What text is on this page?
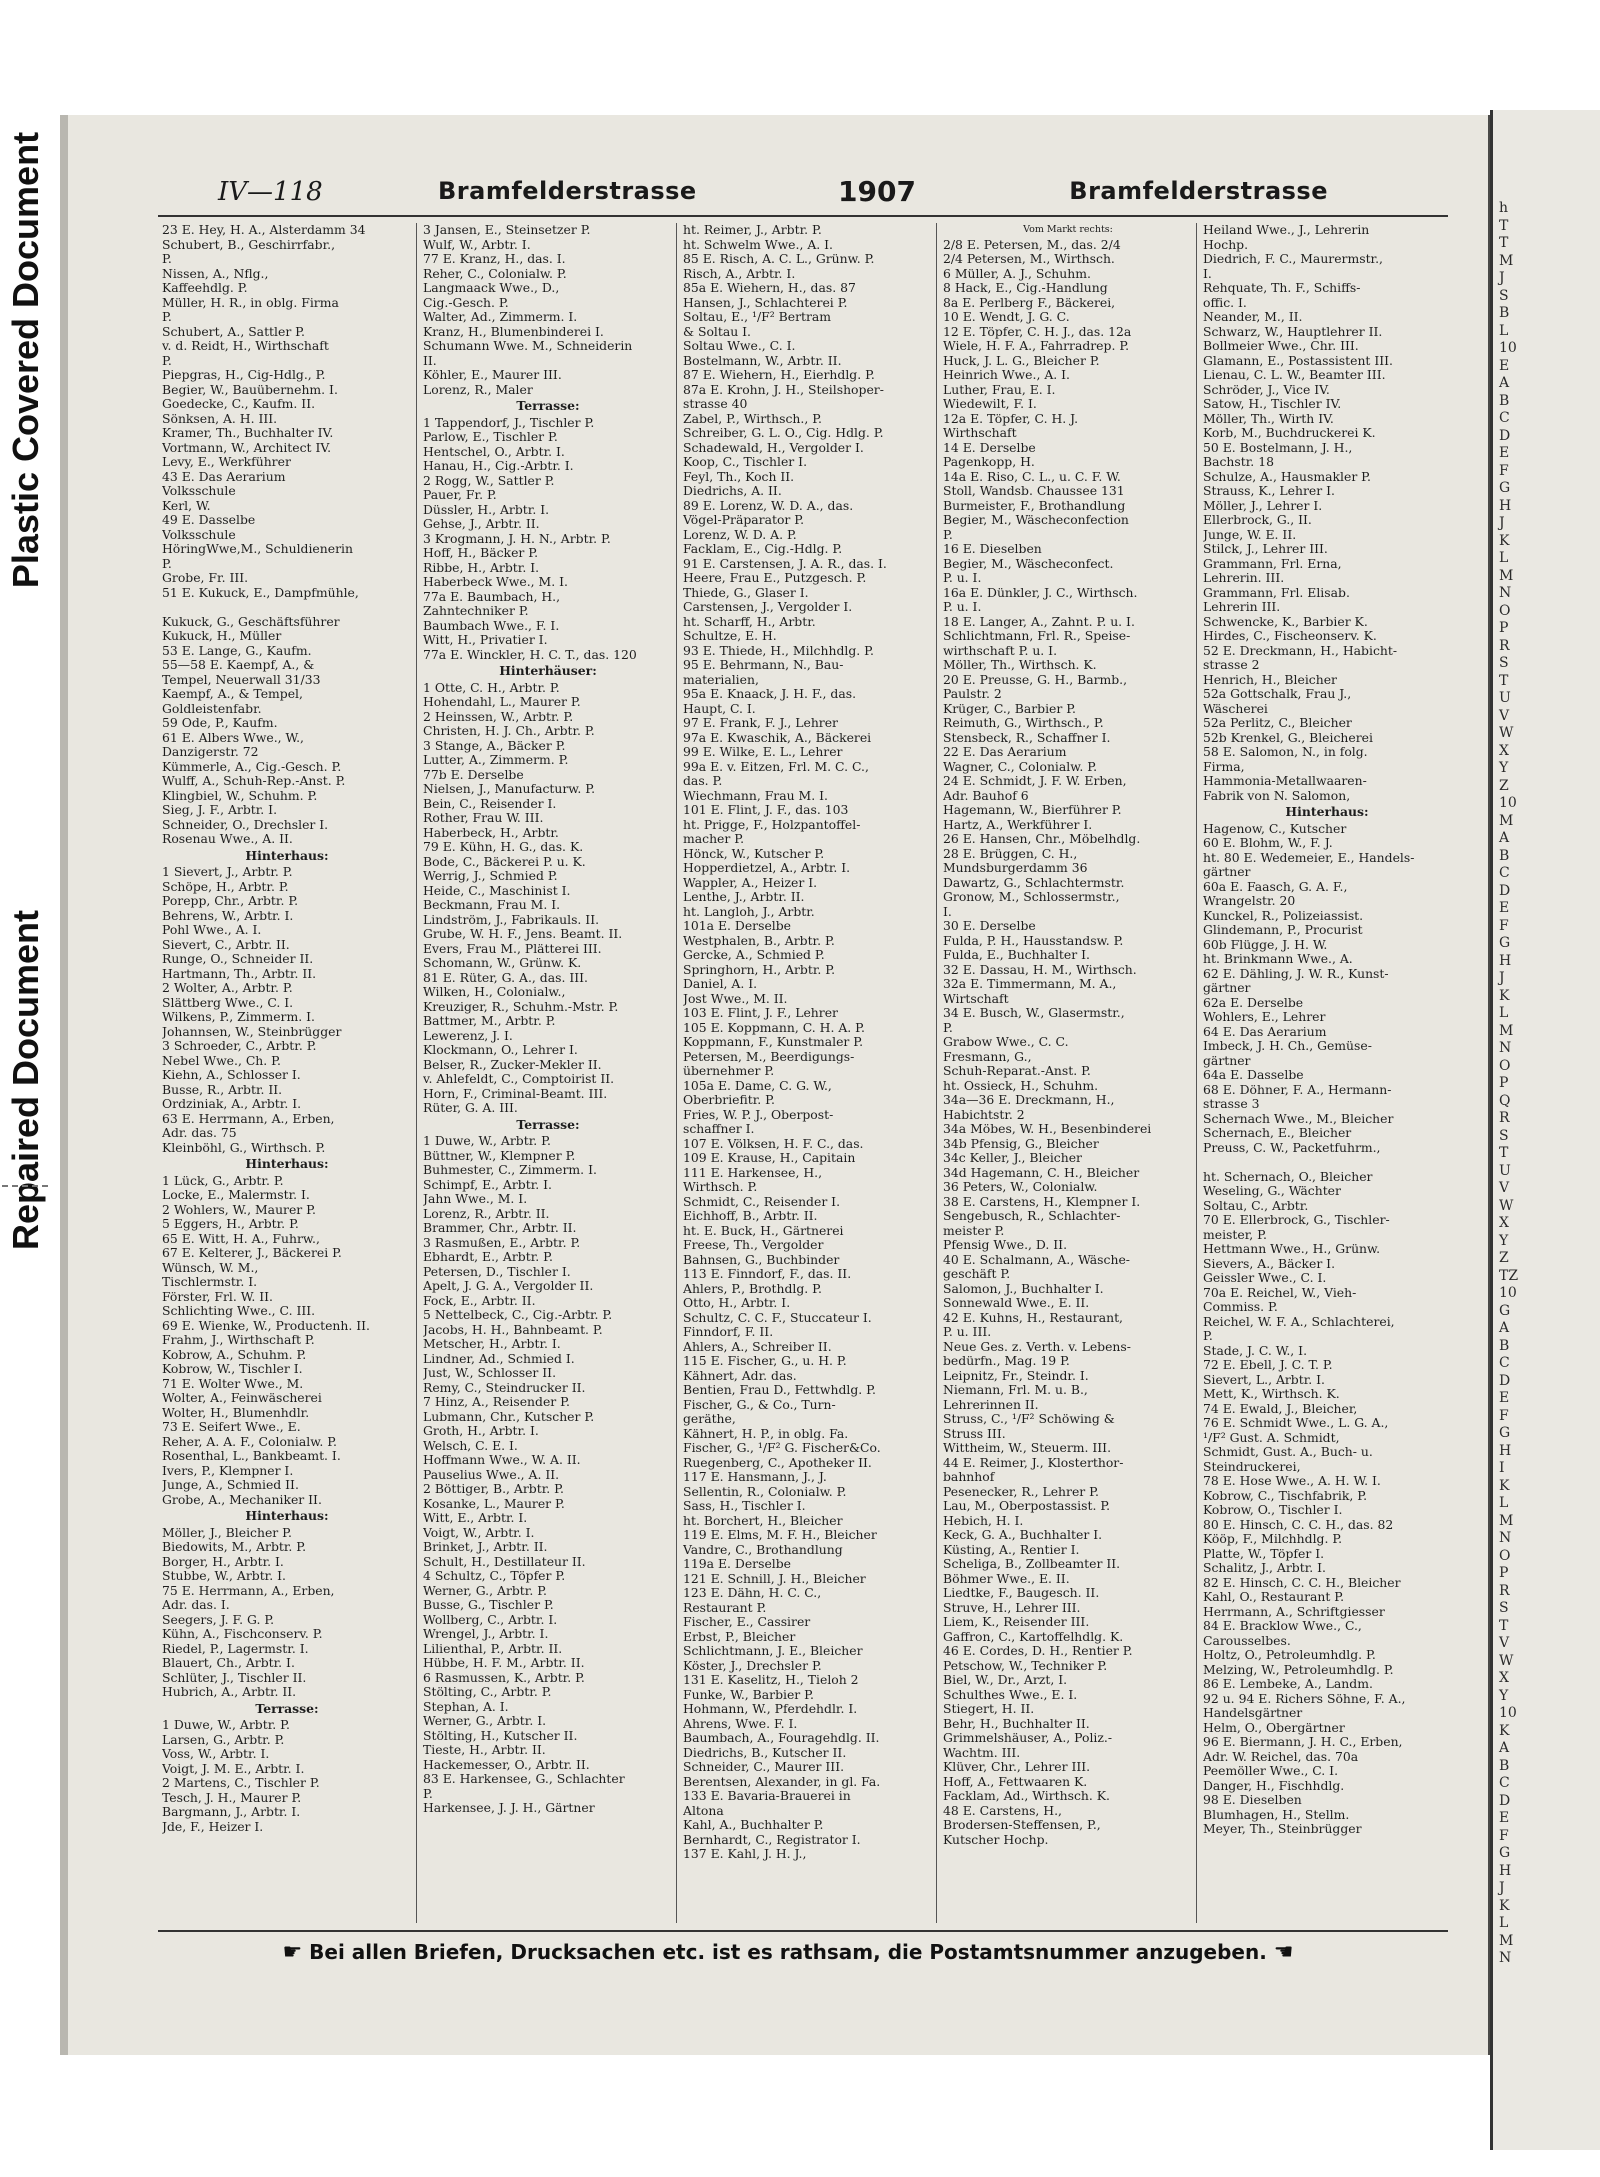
Repaired Document
Plastic Covered Document	IV—118	Bramfelderstrasse	1907	Bramfelderstrasse
23 E. Hey, H. A., Alsterdamm 34
Schubert, B., Geschirrfabr.,
P.
Nissen, A., Nflg.,
Kaffeehdlg. P.
Müller, H. R., in oblg. Firma
P.
Schubert, A., Sattler P.
v. d. Reidt, H., Wirthschaft
P.
Piepgras, H., Cig-Hdlg., P.
Begier, W., Bauübernehm. I.
Goedecke, C., Kaufm. II.
Sönksen, A. H. III.
Kramer, Th., Buchhalter IV.
Vortmann, W., Architect IV.
Levy, E., Werkführer
43 E. Das Aerarium
Volksschule
Kerl, W.
49 E. Dasselbe
Volksschule
HöringWwe,M., Schuldienerin
P.
Grobe, Fr. III.
51 E. Kukuck, E., Dampfmühle,

Kukuck, G., Geschäftsführer
Kukuck, H., Müller
53 E. Lange, G., Kaufm.
55—58 E. Kaempf, A., &
Tempel, Neuerwall 31/33
Kaempf, A., & Tempel,
Goldleistenfabr.
59 Ode, P., Kaufm.
61 E. Albers Wwe., W.,
Danzigerstr. 72
Kümmerle, A., Cig.-Gesch. P.
Wulff, A., Schuh-Rep.-Anst. P.
Klingbiel, W., Schuhm. P.
Sieg, J. F., Arbtr. I.
Schneider, O., Drechsler I.
Rosenau Wwe., A. II.
Hinterhaus:
1 Sievert, J., Arbtr. P.
Schöpe, H., Arbtr. P.
Porepp, Chr., Arbtr. P.
Behrens, W., Arbtr. I.
Pohl Wwe., A. I.
Sievert, C., Arbtr. II.
Runge, O., Schneider II.
Hartmann, Th., Arbtr. II.
2 Wolter, A., Arbtr. P.
Slättberg Wwe., C. I.
Wilkens, P., Zimmerm. I.
Johannsen, W., Steinbrügger
3 Schroeder, C., Arbtr. P.
Nebel Wwe., Ch. P.
Kiehn, A., Schlosser I.
Busse, R., Arbtr. II.
Ordziniak, A., Arbtr. I.
63 E. Herrmann, A., Erben,
Adr. das. 75
Kleinböhl, G., Wirthsch. P.
Hinterhaus:
1 Lück, G., Arbtr. P.
Locke, E., Malermstr. I.
2 Wohlers, W., Maurer P.
5 Eggers, H., Arbtr. P.
65 E. Witt, H. A., Fuhrw.,
67 E. Kelterer, J., Bäckerei P.
Wünsch, W. M.,
Tischlermstr. I.
Förster, Frl. W. II.
Schlichting Wwe., C. III.
69 E. Wienke, W., Productenh. II.
Frahm, J., Wirthschaft P.
Kobrow, A., Schuhm. P.
Kobrow, W., Tischler I.
71 E. Wolter Wwe., M.
Wolter, A., Feinwäscherei
Wolter, H., Blumenhdlr.
73 E. Seifert Wwe., E.
Reher, A. A. F., Colonialw. P.
Rosenthal, L., Bankbeamt. I.
Ivers, P., Klempner I.
Junge, A., Schmied II.
Grobe, A., Mechaniker II.
Hinterhaus:
Möller, J., Bleicher P.
Biedowits, M., Arbtr. P.
Borger, H., Arbtr. I.
Stubbe, W., Arbtr. I.
75 E. Herrmann, A., Erben,
Adr. das. I.
Seegers, J. F. G. P.
Kühn, A., Fischconserv. P.
Riedel, P., Lagermstr. I.
Blauert, Ch., Arbtr. I.
Schlüter, J., Tischler II.
Hubrich, A., Arbtr. II.
Terrasse:
1 Duwe, W., Arbtr. P.
Larsen, G., Arbtr. P.
Voss, W., Arbtr. I.
Voigt, J. M. E., Arbtr. I.
2 Martens, C., Tischler P.
Tesch, J. H., Maurer P.
Bargmann, J., Arbtr. I.
Jde, F., Heizer I.
3 Jansen, E., Steinsetzer P.
Wulf, W., Arbtr. I.
77 E. Kranz, H., das. I.
Reher, C., Colonialw. P.
Langmaack Wwe., D.,
Cig.-Gesch. P.
Walter, Ad., Zimmerm. I.
Kranz, H., Blumenbinderei I.
Schumann Wwe. M., Schneiderin
II.
Köhler, E., Maurer III.
Lorenz, R., Maler
Terrasse:
1 Tappendorf, J., Tischler P.
Parlow, E., Tischler P.
Hentschel, O., Arbtr. I.
Hanau, H., Cig.-Arbtr. I.
2 Rogg, W., Sattler P.
Pauer, Fr. P.
Düssler, H., Arbtr. I.
Gehse, J., Arbtr. II.
3 Krogmann, J. H. N., Arbtr. P.
Hoff, H., Bäcker P.
Ribbe, H., Arbtr. I.
Haberbeck Wwe., M. I.
77a E. Baumbach, H.,
Zahntechniker P.
Baumbach Wwe., F. I.
Witt, H., Privatier I.
77a E. Winckler, H. C. T., das. 120
Hinterhäuser:
1 Otte, C. H., Arbtr. P.
Hohendahl, L., Maurer P.
2 Heinssen, W., Arbtr. P.
Christen, H. J. Ch., Arbtr. P.
3 Stange, A., Bäcker P.
Lutter, A., Zimmerm. P.
77b E. Derselbe
Nielsen, J., Manufacturw. P.
Bein, C., Reisender I.
Rother, Frau W. III.
Haberbeck, H., Arbtr.
79 E. Kühn, H. G., das. K.
Bode, C., Bäckerei P. u. K.
Werrig, J., Schmied P.
Heide, C., Maschinist I.
Beckmann, Frau M. I.
Lindström, J., Fabrikauls. II.
Grube, W. H. F., Jens. Beamt. II.
Evers, Frau M., Plätterei III.
Schomann, W., Grünw. K.
81 E. Rüter, G. A., das. III.
Wilken, H., Colonialw.,
Kreuziger, R., Schuhm.-Mstr. P.
Battmer, M., Arbtr. P.
Lewerenz, J. I.
Klockmann, O., Lehrer I.
Belser, R., Zucker-Mekler II.
v. Ahlefeldt, C., Comptoirist II.
Horn, F., Criminal-Beamt. III.
Rüter, G. A. III.
Terrasse:
1 Duwe, W., Arbtr. P.
Büttner, W., Klempner P.
Buhmester, C., Zimmerm. I.
Schimpf, E., Arbtr. I.
Jahn Wwe., M. I.
Lorenz, R., Arbtr. II.
Brammer, Chr., Arbtr. II.
3 Rasmußen, E., Arbtr. P.
Ebhardt, E., Arbtr. P.
Petersen, D., Tischler I.
Apelt, J. G. A., Vergolder II.
Fock, E., Arbtr. II.
5 Nettelbeck, C., Cig.-Arbtr. P.
Jacobs, H. H., Bahnbeamt. P.
Metscher, H., Arbtr. I.
Lindner, Ad., Schmied I.
Just, W., Schlosser II.
Remy, C., Steindrucker II.
7 Hinz, A., Reisender P.
Lubmann, Chr., Kutscher P.
Groth, H., Arbtr. I.
Welsch, C. E. I.
Hoffmann Wwe., W. A. II.
Pauselius Wwe., A. II.
2 Böttiger, B., Arbtr. P.
Kosanke, L., Maurer P.
Witt, E., Arbtr. I.
Voigt, W., Arbtr. I.
Brinket, J., Arbtr. II.
Schult, H., Destillateur II.
4 Schultz, C., Töpfer P.
Werner, G., Arbtr. P.
Busse, G., Tischler P.
Wollberg, C., Arbtr. I.
Wrengel, J., Arbtr. I.
Lilienthal, P., Arbtr. II.
Hübbe, H. F. M., Arbtr. II.
6 Rasmussen, K., Arbtr. P.
Stölting, C., Arbtr. P.
Stephan, A. I.
Werner, G., Arbtr. I.
Stölting, H., Kutscher II.
Tieste, H., Arbtr. II.
Hackemesser, O., Arbtr. II.
83 E. Harkensee, G., Schlachter
P.
Harkensee, J. J. H., Gärtner
ht. Reimer, J., Arbtr. P.
ht. Schwelm Wwe., A. I.
85 E. Risch, A. C. L., Grünw. P.
Risch, A., Arbtr. I.
85a E. Wiehern, H., das. 87
Hansen, J., Schlachterei P.
Soltau, E., ¹/F² Bertram
& Soltau I.
Soltau Wwe., C. I.
Bostelmann, W., Arbtr. II.
87 E. Wiehern, H., Eierhdlg. P.
87a E. Krohn, J. H., Steilshoper-
strasse 40
Zabel, P., Wirthsch., P.
Schreiber, G. L. O., Cig. Hdlg. P.
Schadewald, H., Vergolder I.
Koop, C., Tischler I.
Feyl, Th., Koch II.
Diedrichs, A. II.
89 E. Lorenz, W. D. A., das.
Vögel-Präparator P.
Lorenz, W. D. A. P.
Facklam, E., Cig.-Hdlg. P.
91 E. Carstensen, J. A. R., das. I.
Heere, Frau E., Putzgesch. P.
Thiede, G., Glaser I.
Carstensen, J., Vergolder I.
ht. Scharff, H., Arbtr.
Schultze, E. H.
93 E. Thiede, H., Milchhdlg. P.
95 E. Behrmann, N., Bau-
materialien,
95a E. Knaack, J. H. F., das.
Haupt, C. I.
97 E. Frank, F. J., Lehrer
97a E. Kwaschik, A., Bäckerei
99 E. Wilke, E. L., Lehrer
99a E. v. Eitzen, Frl. M. C. C.,
das. P.
Wiechmann, Frau M. I.
101 E. Flint, J. F., das. 103
ht. Prigge, F., Holzpantoffel-
macher P.
Hönck, W., Kutscher P.
Hopperdietzel, A., Arbtr. I.
Wappler, A., Heizer I.
Lenthe, J., Arbtr. II.
ht. Langloh, J., Arbtr.
101a E. Derselbe
Westphalen, B., Arbtr. P.
Gercke, A., Schmied P.
Springhorn, H., Arbtr. P.
Daniel, A. I.
Jost Wwe., M. II.
103 E. Flint, J. F., Lehrer
105 E. Koppmann, C. H. A. P.
Koppmann, F., Kunstmaler P.
Petersen, M., Beerdigungs-
übernehmer P.
105a E. Dame, C. G. W.,
Oberbriefitr. P.
Fries, W. P. J., Oberpost-
schaffner I.
107 E. Völksen, H. F. C., das.
109 E. Krause, H., Capitain
111 E. Harkensee, H.,
Wirthsch. P.
Schmidt, C., Reisender I.
Eichhoff, B., Arbtr. II.
ht. E. Buck, H., Gärtnerei
Freese, Th., Vergolder
Bahnsen, G., Buchbinder
113 E. Finndorf, F., das. II.
Ahlers, P., Brothdlg. P.
Otto, H., Arbtr. I.
Schultz, C. C. F., Stuccateur I.
Finndorf, F. II.
Ahlers, A., Schreiber II.
115 E. Fischer, G., u. H. P.
Kähnert, Adr. das.
Bentien, Frau D., Fettwhdlg. P.
Fischer, G., & Co., Turn-
geräthe,
Kähnert, H. P., in oblg. Fa.
Fischer, G., ¹/F² G. Fischer&Co.
Ruegenberg, C., Apotheker II.
117 E. Hansmann, J., J.
Sellentin, R., Colonialw. P.
Sass, H., Tischler I.
ht. Borchert, H., Bleicher
119 E. Elms, M. F. H., Bleicher
Vandre, C., Brothandlung
119a E. Derselbe
121 E. Schnill, J. H., Bleicher
123 E. Dähn, H. C. C.,
Restaurant P.
Fischer, E., Cassirer
Erbst, P., Bleicher
Schlichtmann, J. E., Bleicher
Köster, J., Drechsler P.
131 E. Kaselitz, H., Tieloh 2
Funke, W., Barbier P.
Hohmann, W., Pferdehdlr. I.
Ahrens, Wwe. F. I.
Baumbach, A., Fouragehdlg. II.
Diedrichs, B., Kutscher II.
Schneider, C., Maurer III.
Berentsen, Alexander, in gl. Fa.
133 E. Bavaria-Brauerei in
Altona
Kahl, A., Buchhalter P.
Bernhardt, C., Registrator I.
137 E. Kahl, J. H. J.,
Vom Markt rechts:
2/8 E. Petersen, M., das. 2/4
2/4 Petersen, M., Wirthsch.
6 Müller, A. J., Schuhm.
8 Hack, E., Cig.-Handlung
8a E. Perlberg F., Bäckerei,
10 E. Wendt, J. G. C.
12 E. Töpfer, C. H. J., das. 12a
Wiele, H. F. A., Fahrradrep. P.
Huck, J. L. G., Bleicher P.
Heinrich Wwe., A. I.
Luther, Frau, E. I.
Wiedewilt, F. I.
12a E. Töpfer, C. H. J.
Wirthschaft
14 E. Derselbe
Pagenkopp, H.
14a E. Riso, C. L., u. C. F. W.
Stoll, Wandsb. Chaussee 131
Burmeister, F., Brothandlung
Begier, M., Wäscheconfection
P.
16 E. Dieselben
Begier, M., Wäscheconfect.
P. u. I.
16a E. Dünkler, J. C., Wirthsch.
P. u. I.
18 E. Langer, A., Zahnt. P. u. I.
Schlichtmann, Frl. R., Speise-
wirthschaft P. u. I.
Möller, Th., Wirthsch. K.
20 E. Preusse, G. H., Barmb.,
Paulstr. 2
Krüger, C., Barbier P.
Reimuth, G., Wirthsch., P.
Stensbeck, R., Schaffner I.
22 E. Das Aerarium
Wagner, C., Colonialw. P.
24 E. Schmidt, J. F. W. Erben,
Adr. Bauhof 6
Hagemann, W., Bierführer P.
Hartz, A., Werkführer I.
26 E. Hansen, Chr., Möbelhdlg.
28 E. Brüggen, C. H.,
Mundsburgerdamm 36
Dawartz, G., Schlachtermstr.
Gronow, M., Schlossermstr.,
I.
30 E. Derselbe
Fulda, P. H., Hausstandsw. P.
Fulda, E., Buchhalter I.
32 E. Dassau, H. M., Wirthsch.
32a E. Timmermann, M. A.,
Wirtschaft
34 E. Busch, W., Glasermstr.,
P.
Grabow Wwe., C. C.
Fresmann, G.,
Schuh-Reparat.-Anst. P.
ht. Ossieck, H., Schuhm.
34a—36 E. Dreckmann, H.,
Habichtstr. 2
34a Möbes, W. H., Besenbinderei
34b Pfensig, G., Bleicher
34c Keller, J., Bleicher
34d Hagemann, C. H., Bleicher
36 Peters, W., Colonialw.
38 E. Carstens, H., Klempner I.
Sengebusch, R., Schlachter-
meister P.
Pfensig Wwe., D. II.
40 E. Schalmann, A., Wäsche-
geschäft P.
Salomon, J., Buchhalter I.
Sonnewald Wwe., E. II.
42 E. Kuhns, H., Restaurant,
P. u. III.
Neue Ges. z. Verth. v. Lebens-
bedürfn., Mag. 19 P.
Leipnitz, Fr., Steindr. I.
Niemann, Frl. M. u. B.,
Lehrerinnen II.
Struss, C., ¹/F² Schöwing &
Struss III.
Wittheim, W., Steuerm. III.
44 E. Reimer, J., Klosterthor-
bahnhof
Pesenecker, R., Lehrer P.
Lau, M., Oberpostassist. P.
Hebich, H. I.
Keck, G. A., Buchhalter I.
Küsting, A., Rentier I.
Scheliga, B., Zollbeamter II.
Böhmer Wwe., E. II.
Liedtke, F., Baugesch. II.
Struve, H., Lehrer III.
Liem, K., Reisender III.
Gaffron, C., Kartoffelhdlg. K.
46 E. Cordes, D. H., Rentier P.
Petschow, W., Techniker P.
Biel, W., Dr., Arzt, I.
Schulthes Wwe., E. I.
Stiegert, H. II.
Behr, H., Buchhalter II.
Grimmelshäuser, A., Poliz.-
Wachtm. III.
Klüver, Chr., Lehrer III.
Hoff, A., Fettwaaren K.
Facklam, Ad., Wirthsch. K.
48 E. Carstens, H.,
Brodersen-Steffensen, P.,
Kutscher Hochp.
Heiland Wwe., J., Lehrerin
Hochp.
Diedrich, F. C., Maurermstr.,
I.
Rehquate, Th. F., Schiffs-
offic. I.
Neander, M., II.
Schwarz, W., Hauptlehrer II.
Bollmeier Wwe., Chr. III.
Glamann, E., Postassistent III.
Lienau, C. L. W., Beamter III.
Schröder, J., Vice IV.
Satow, H., Tischler IV.
Möller, Th., Wirth IV.
Korb, M., Buchdruckerei K.
50 E. Bostelmann, J. H.,
Bachstr. 18
Schulze, A., Hausmakler P.
Strauss, K., Lehrer I.
Möller, J., Lehrer I.
Ellerbrock, G., II.
Junge, W. E. II.
Stilck, J., Lehrer III.
Grammann, Frl. Erna,
Lehrerin. III.
Grammann, Frl. Elisab.
Lehrerin III.
Schwencke, K., Barbier K.
Hirdes, C., Fischeonserv. K.
52 E. Dreckmann, H., Habicht-
strasse 2
Henrich, H., Bleicher
52a Gottschalk, Frau J.,
Wäscherei
52a Perlitz, C., Bleicher
52b Krenkel, G., Bleicherei
58 E. Salomon, N., in folg.
Firma,
Hammonia-Metallwaaren-
Fabrik von N. Salomon,
Hinterhaus:
Hagenow, C., Kutscher
60 E. Blohm, W., F. J.
ht. 80 E. Wedemeier, E., Handels-
gärtner
60a E. Faasch, G. A. F.,
Wrangelstr. 20
Kunckel, R., Polizeiassist.
Glindemann, P., Procurist
60b Flügge, J. H. W.
ht. Brinkmann Wwe., A.
62 E. Dähling, J. W. R., Kunst-
gärtner
62a E. Derselbe
Wohlers, E., Lehrer
64 E. Das Aerarium
Imbeck, J. H. Ch., Gemüse-
gärtner
64a E. Dasselbe
68 E. Döhner, F. A., Hermann-
strasse 3
Schernach Wwe., M., Bleicher
Schernach, E., Bleicher
Preuss, C. W., Packetfuhrm.,

ht. Schernach, O., Bleicher
Weseling, G., Wächter
Soltau, C., Arbtr.
70 E. Ellerbrock, G., Tischler-
meister, P.
Hettmann Wwe., H., Grünw.
Sievers, A., Bäcker I.
Geissler Wwe., C. I.
70a E. Reichel, W., Vieh-
Commiss. P.
Reichel, W. F. A., Schlachterei,
P.
Stade, J. C. W., I.
72 E. Ebell, J. C. T. P.
Sievert, L., Arbtr. I.
Mett, K., Wirthsch. K.
74 E. Ewald, J., Bleicher,
76 E. Schmidt Wwe., L. G. A.,
¹/F² Gust. A. Schmidt,
Schmidt, Gust. A., Buch- u.
Steindruckerei,
78 E. Hose Wwe., A. H. W. I.
Kobrow, C., Tischfabrik, P.
Kobrow, O., Tischler I.
80 E. Hinsch, C. C. H., das. 82
Kööp, F., Milchhdlg. P.
Platte, W., Töpfer I.
Schalitz, J., Arbtr. I.
82 E. Hinsch, C. C. H., Bleicher
Kahl, O., Restaurant P.
Herrmann, A., Schriftgiesser
84 E. Bracklow Wwe., C.,
Carousselbes.
Holtz, O., Petroleumhdlg. P.
Melzing, W., Petroleumhdlg. P.
86 E. Lembeke, A., Landm.
92 u. 94 E. Richers Söhne, F. A.,
Handelsgärtner
Helm, O., Obergärtner
96 E. Biermann, J. H. C., Erben,
Adr. W. Reichel, das. 70a
Peemöller Wwe., C. I.
Danger, H., Fischhdlg.
98 E. Dieselben
Blumhagen, H., Stellm.
Meyer, Th., Steinbrügger
☛ Bei allen Briefen, Drucksachen etc. ist es rathsam, die Postamtsnummer anzugeben. ☚
h
T
T
M
J
S
B
L
10
E
A
B
C
D
E
F
G
H
J
K
L
M
N
O
P
R
S
T
U
V
W
X
Y
Z
10
M
A
B
C
D
E
F
G
H
J
K
L
M
N
O
P
Q
R
S
T
U
V
W
X
Y
Z
TZ
10
G
A
B
C
D
E
F
G
H
I
K
L
M
N
O
P
R
S
T
V
W
X
Y
10
K
A
B
C
D
E
F
G
H
J
K
L
M
N
